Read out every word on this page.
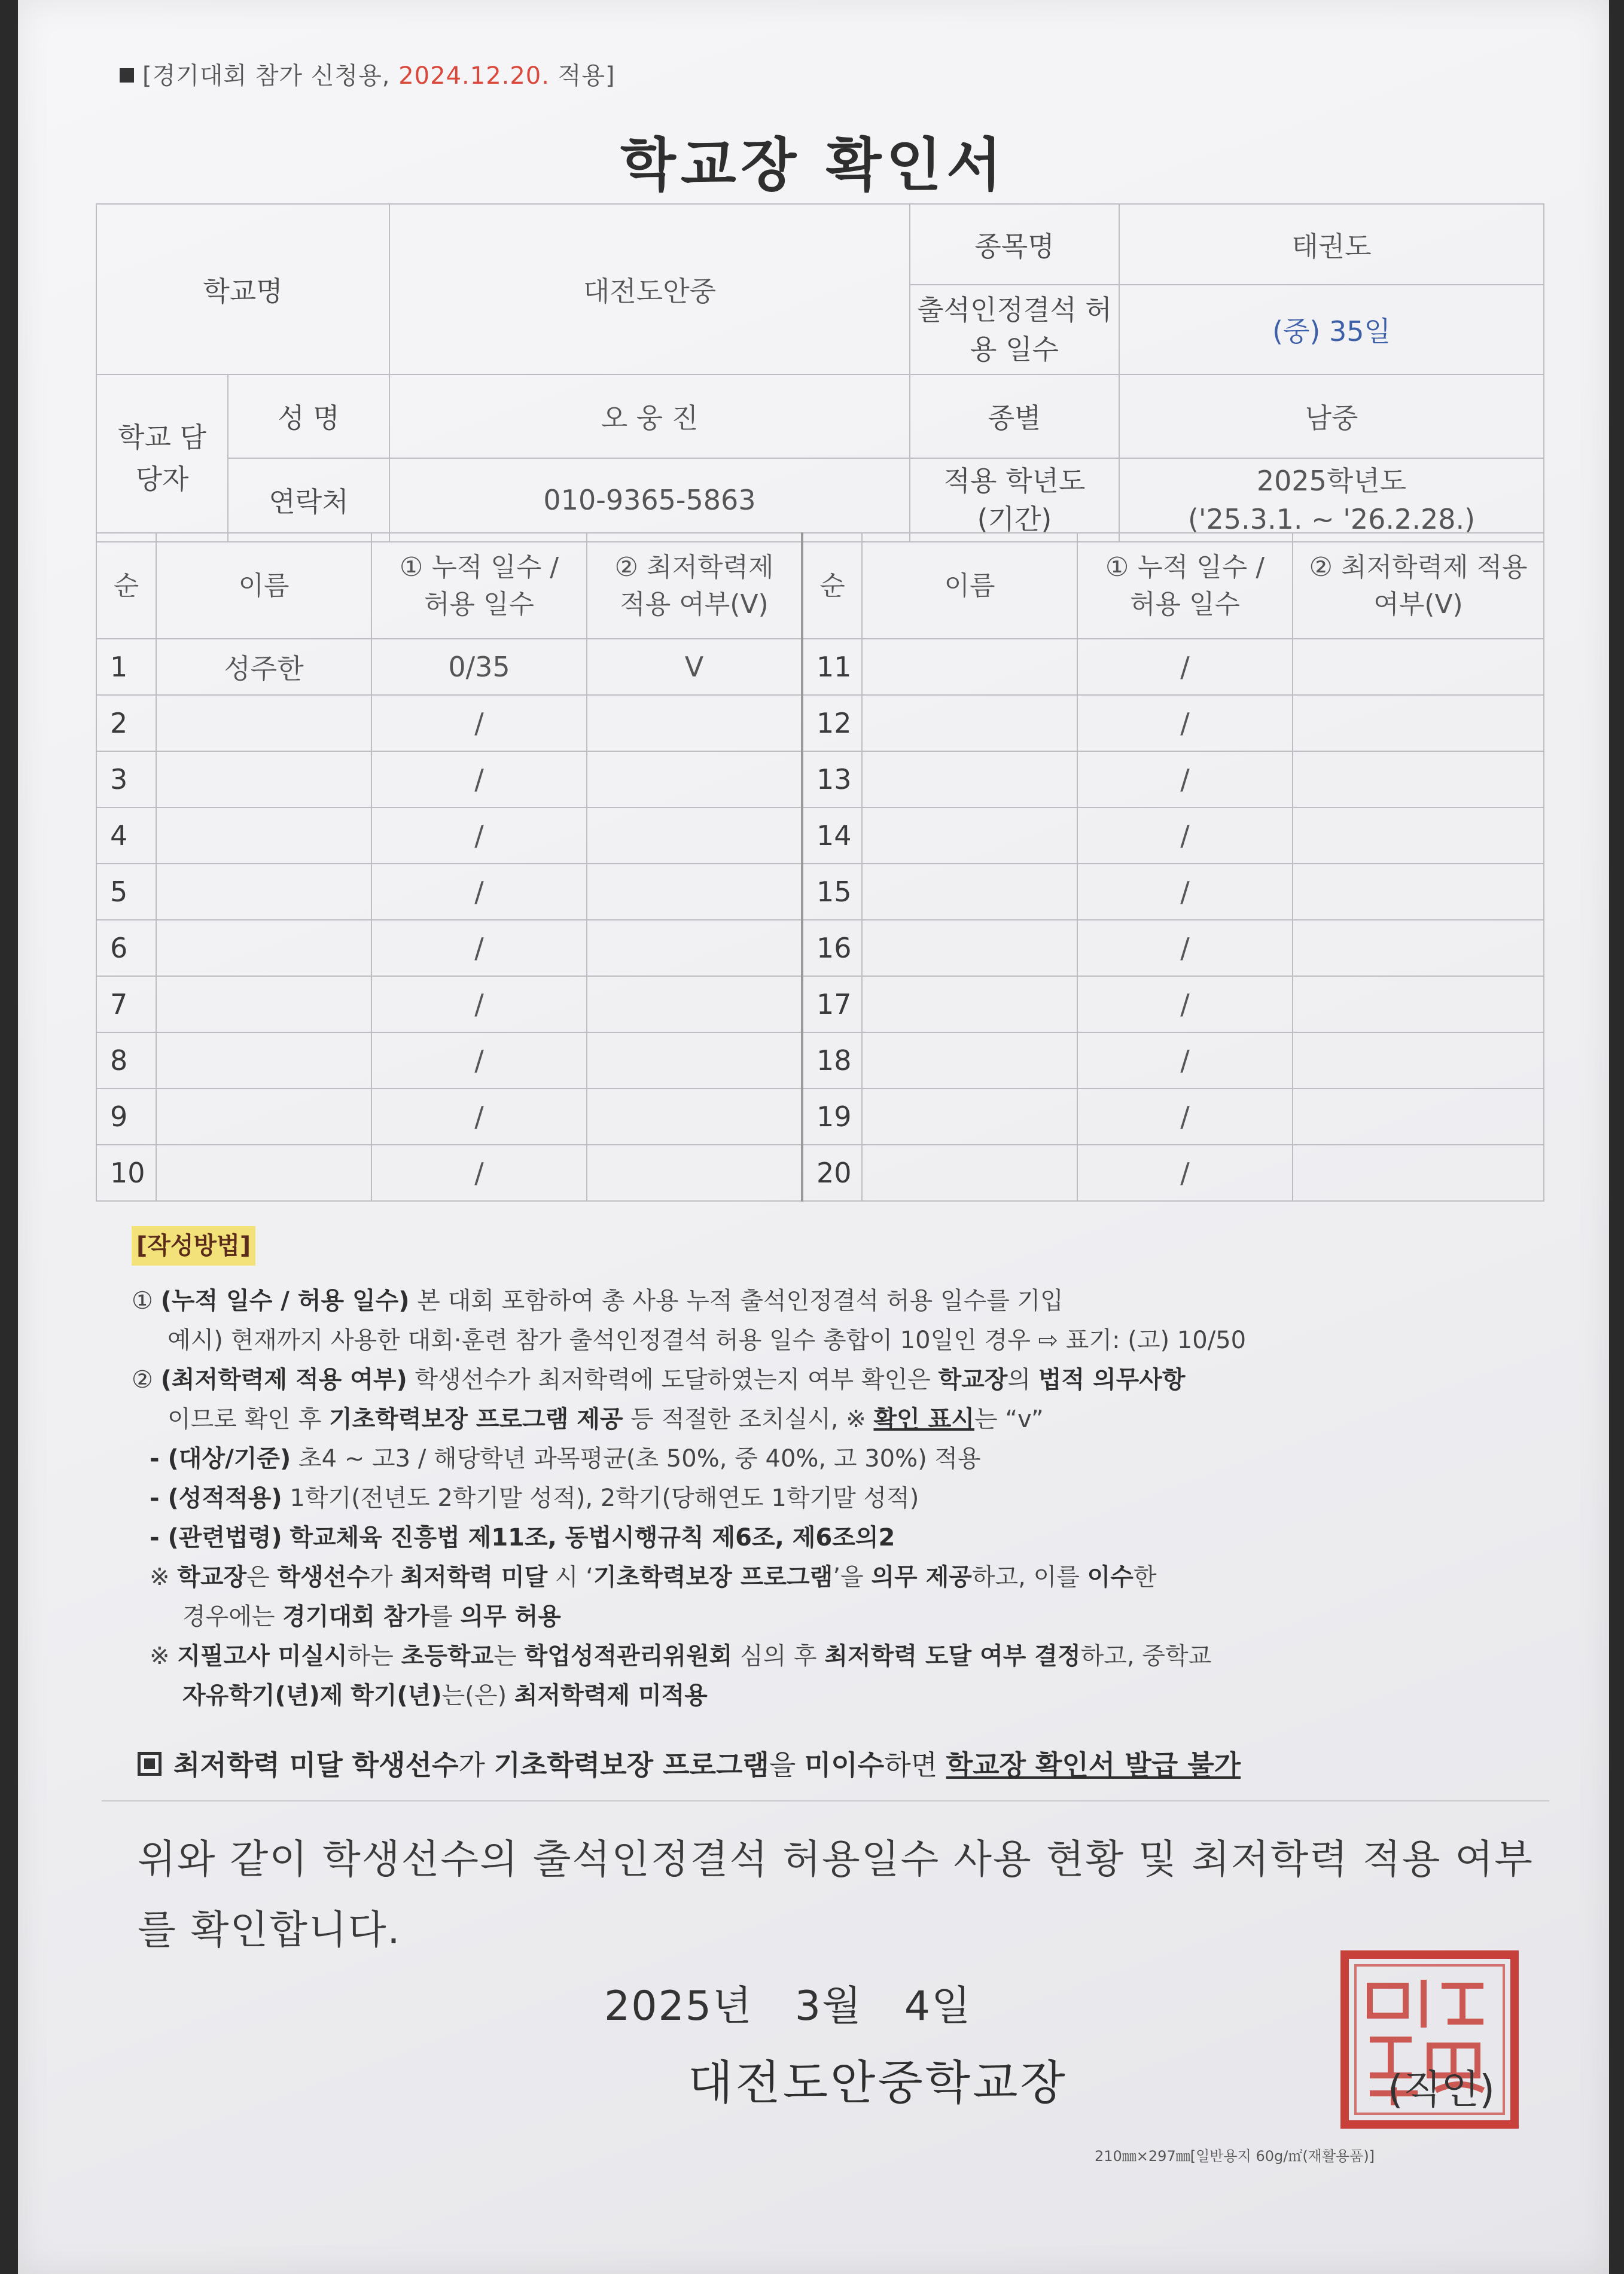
[경기대회 참가 신청용, 2024.12.20. 적용]
학교장 확인서
학교명		대전도안중	종목명	태권도
			출석인정결석 허용 일수	(중) 35일
학교 담당자	성 명	오 웅 진	종별	남중
	연락처	010-9365-5863	적용 학년도 (기간)	2025학년도
('25.3.1. ~ '26.2.28.)
순	이름	① 누적 일수 / 허용 일수	② 최저학력제 적용 여부(V)	순	이름	① 누적 일수 / 허용 일수	② 최저학력제 적용 여부(V)
1	성주한	0/35	V	11		/	
2		/		12		/	
3		/		13		/	
4		/		14		/	
5		/		15		/	
6		/		16		/	
7		/		17		/	
8		/		18		/	
9		/		19		/	
10		/		20		/	

[작성방법]

① (누적 일수 / 허용 일수) 본 대회 포함하여 총 사용 누적 출석인정결석 허용 일수를 기입

예시) 현재까지 사용한 대회·훈련 참가 출석인정결석 허용 일수 총합이 10일인 경우 ⇨ 표기: (고) 10/50

② (최저학력제 적용 여부) 학생선수가 최저학력에 도달하였는지 여부 확인은 학교장의 법적 의무사항

이므로 확인 후 기초학력보장 프로그램 제공 등 적절한 조치실시, ※ 확인 표시는 “v”

- (대상/기준) 초4 ~ 고3 / 해당학년 과목평균(초 50%, 중 40%, 고 30%) 적용

- (성적적용) 1학기(전년도 2학기말 성적), 2학기(당해연도 1학기말 성적)

- (관련법령) 학교체육 진흥법 제11조, 동법시행규칙 제6조, 제6조의2

※ 학교장은 학생선수가 최저학력 미달 시 ‘기초학력보장 프로그램’을 의무 제공하고, 이를 이수한

경우에는 경기대회 참가를 의무 허용

※ 지필고사 미실시하는 초등학교는 학업성적관리위원회 심의 후 최저학력 도달 여부 결정하고, 중학교

자유학기(년)제 학기(년)는(은) 최저학력제 미적용

최저학력 미달 학생선수가 기초학력보장 프로그램을 미이수하면 학교장 확인서 발급 불가
위와 같이 학생선수의 출석인정결석 허용일수 사용 현황 및 최저학력 적용 여부를 확인합니다.
2025년 3월 4일
대전도안중학교장	(직인)
210㎜×297㎜[일반용지 60g/㎡(재활용품)]
